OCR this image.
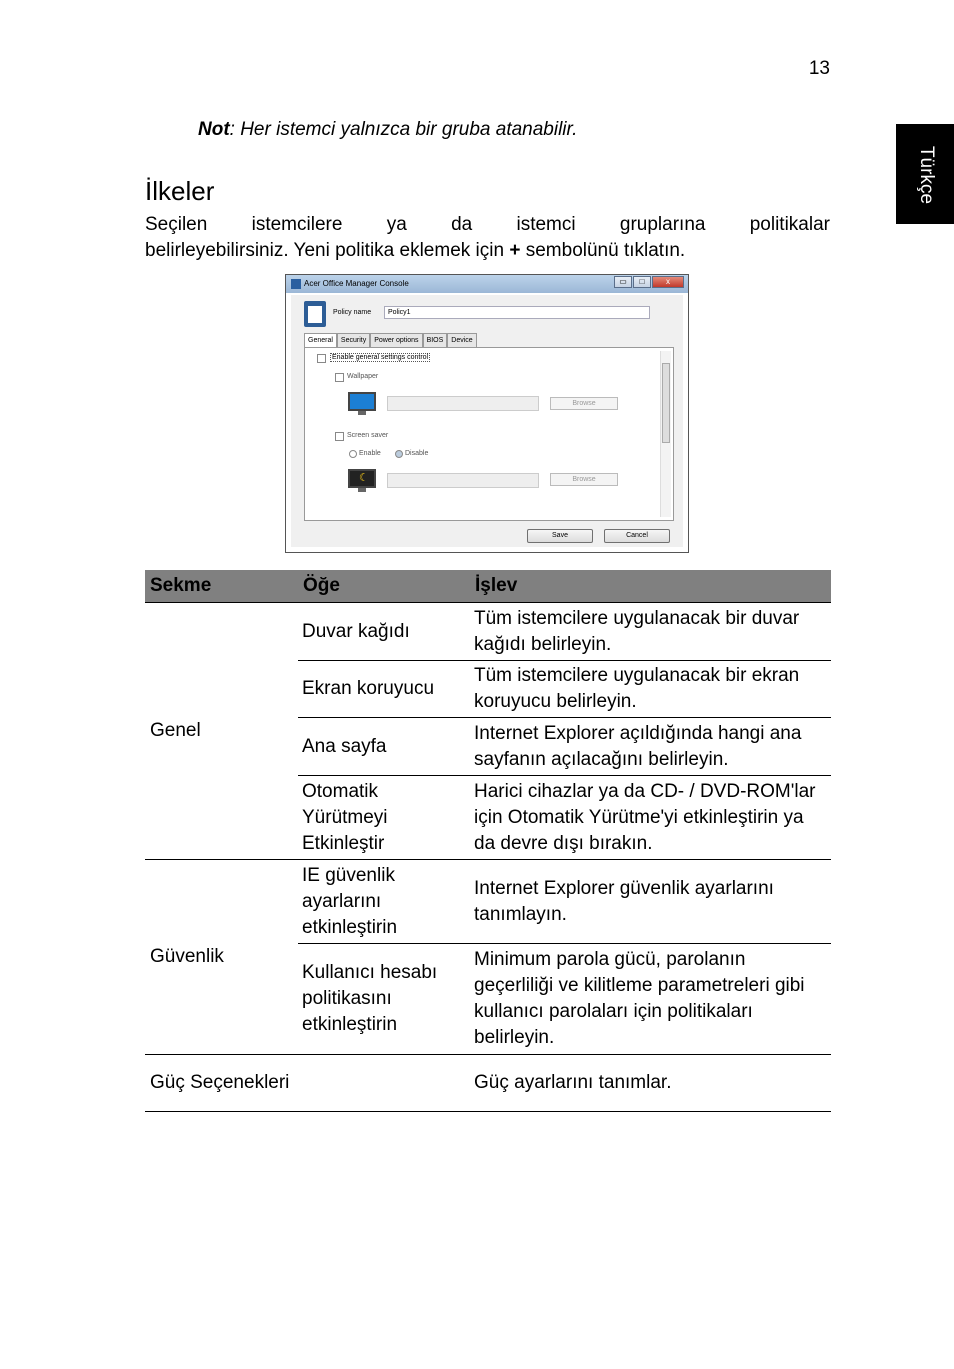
13
Türkçe
Not: Her istemci yalnızca bir gruba atanabilir.
İlkeler
Seçilen istemcilere ya da istemci gruplarına politikalar
belirleyebilirsiniz. Yeni politika eklemek için + sembolünü tıklatın.
Acer Office Manager Console	▭	□	x
Policy name	Policy1
General	Security	Power options	BIOS	Device
Enable general settings control
Wallpaper
Browse
Screen saver
Enable	Disable
☾
Browse
Save	Cancel
Sekme	Öğe	İşlev
Genel	Duvar kağıdı	Tüm istemcilere uygulanacak bir duvar kağıdı belirleyin.
	Ekran koruyucu	Tüm istemcilere uygulanacak bir ekran koruyucu belirleyin.
	Ana sayfa	Internet Explorer açıldığında hangi ana sayfanın açılacağını belirleyin.
	Otomatik Yürütmeyi Etkinleştir	Harici cihazlar ya da CD- / DVD-ROM'lar için Otomatik Yürütme'yi etkinleştirin ya da devre dışı bırakın.
Güvenlik	IE güvenlik ayarlarını etkinleştirin	Internet Explorer güvenlik ayarlarını tanımlayın.
	Kullanıcı hesabı politikasını etkinleştirin	Minimum parola gücü, parolanın geçerliliği ve kilitleme parametreleri gibi kullanıcı parolaları için politikaları belirleyin.
Güç Seçenekleri		Güç ayarlarını tanımlar.
